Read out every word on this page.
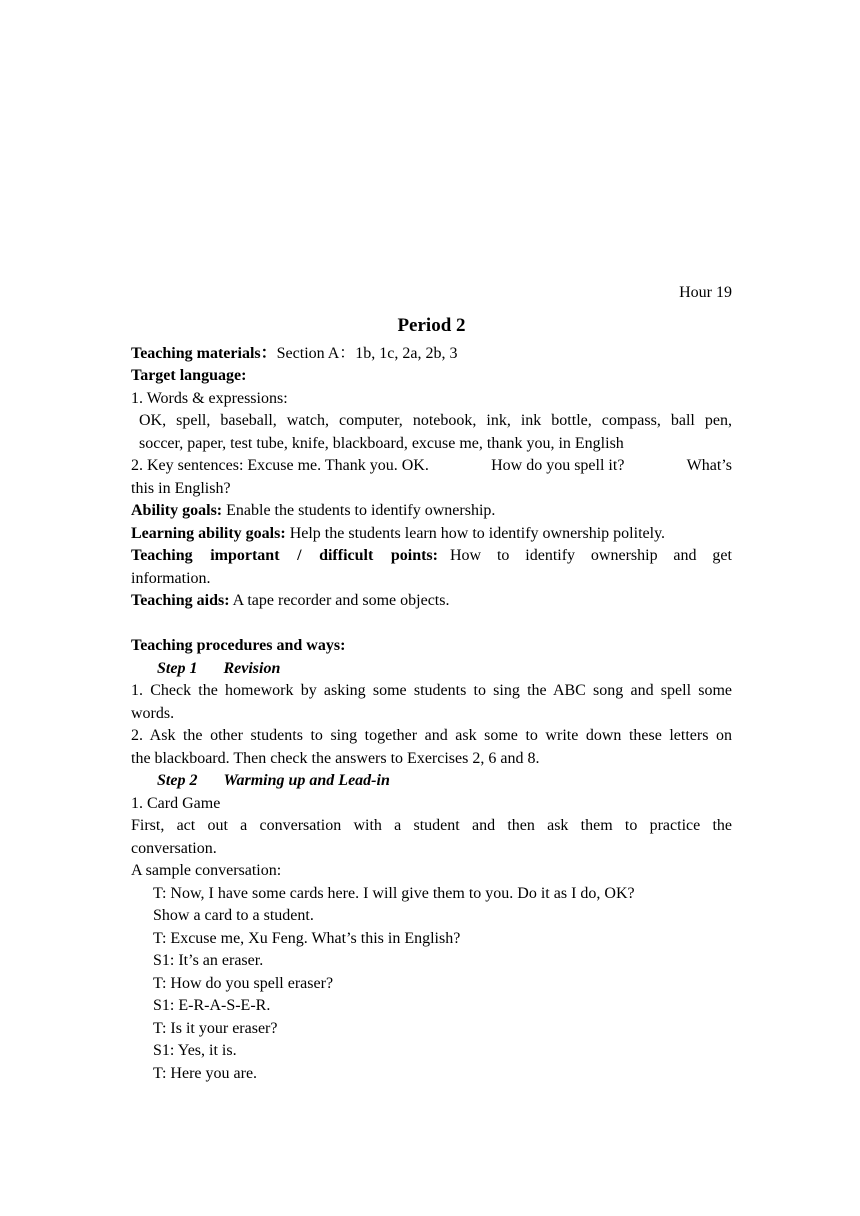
Hour 19
Period 2
Teaching materials：Section A：1b, 1c, 2a, 2b, 3
Target language:
1. Words & expressions:
OK, spell, baseball, watch, computer, notebook, ink, ink bottle, compass, ball pen,
soccer, paper, test tube, knife, blackboard, excuse me, thank you, in English
2. Key sentences: Excuse me. Thank you. OK.	How do you spell it?	What’s
this in English?
Ability goals: Enable the students to identify ownership.
Learning ability goals: Help the students learn how to identify ownership politely.
Teaching important / difficult points: How to identify ownership and get
information.
Teaching aids: A tape recorder and some objects.
Teaching procedures and ways:
Step 1 Revision
1. Check the homework by asking some students to sing the ABC song and spell some
words.
2. Ask the other students to sing together and ask some to write down these letters on
the blackboard. Then check the answers to Exercises 2, 6 and 8.
Step 2 Warming up and Lead-in
1. Card Game
First, act out a conversation with a student and then ask them to practice the
conversation.
A sample conversation:
T: Now, I have some cards here. I will give them to you. Do it as I do, OK?
Show a card to a student.
T: Excuse me, Xu Feng. What’s this in English?
S1: It’s an eraser.
T: How do you spell eraser?
S1: E-R-A-S-E-R.
T: Is it your eraser?
S1: Yes, it is.
T: Here you are.
